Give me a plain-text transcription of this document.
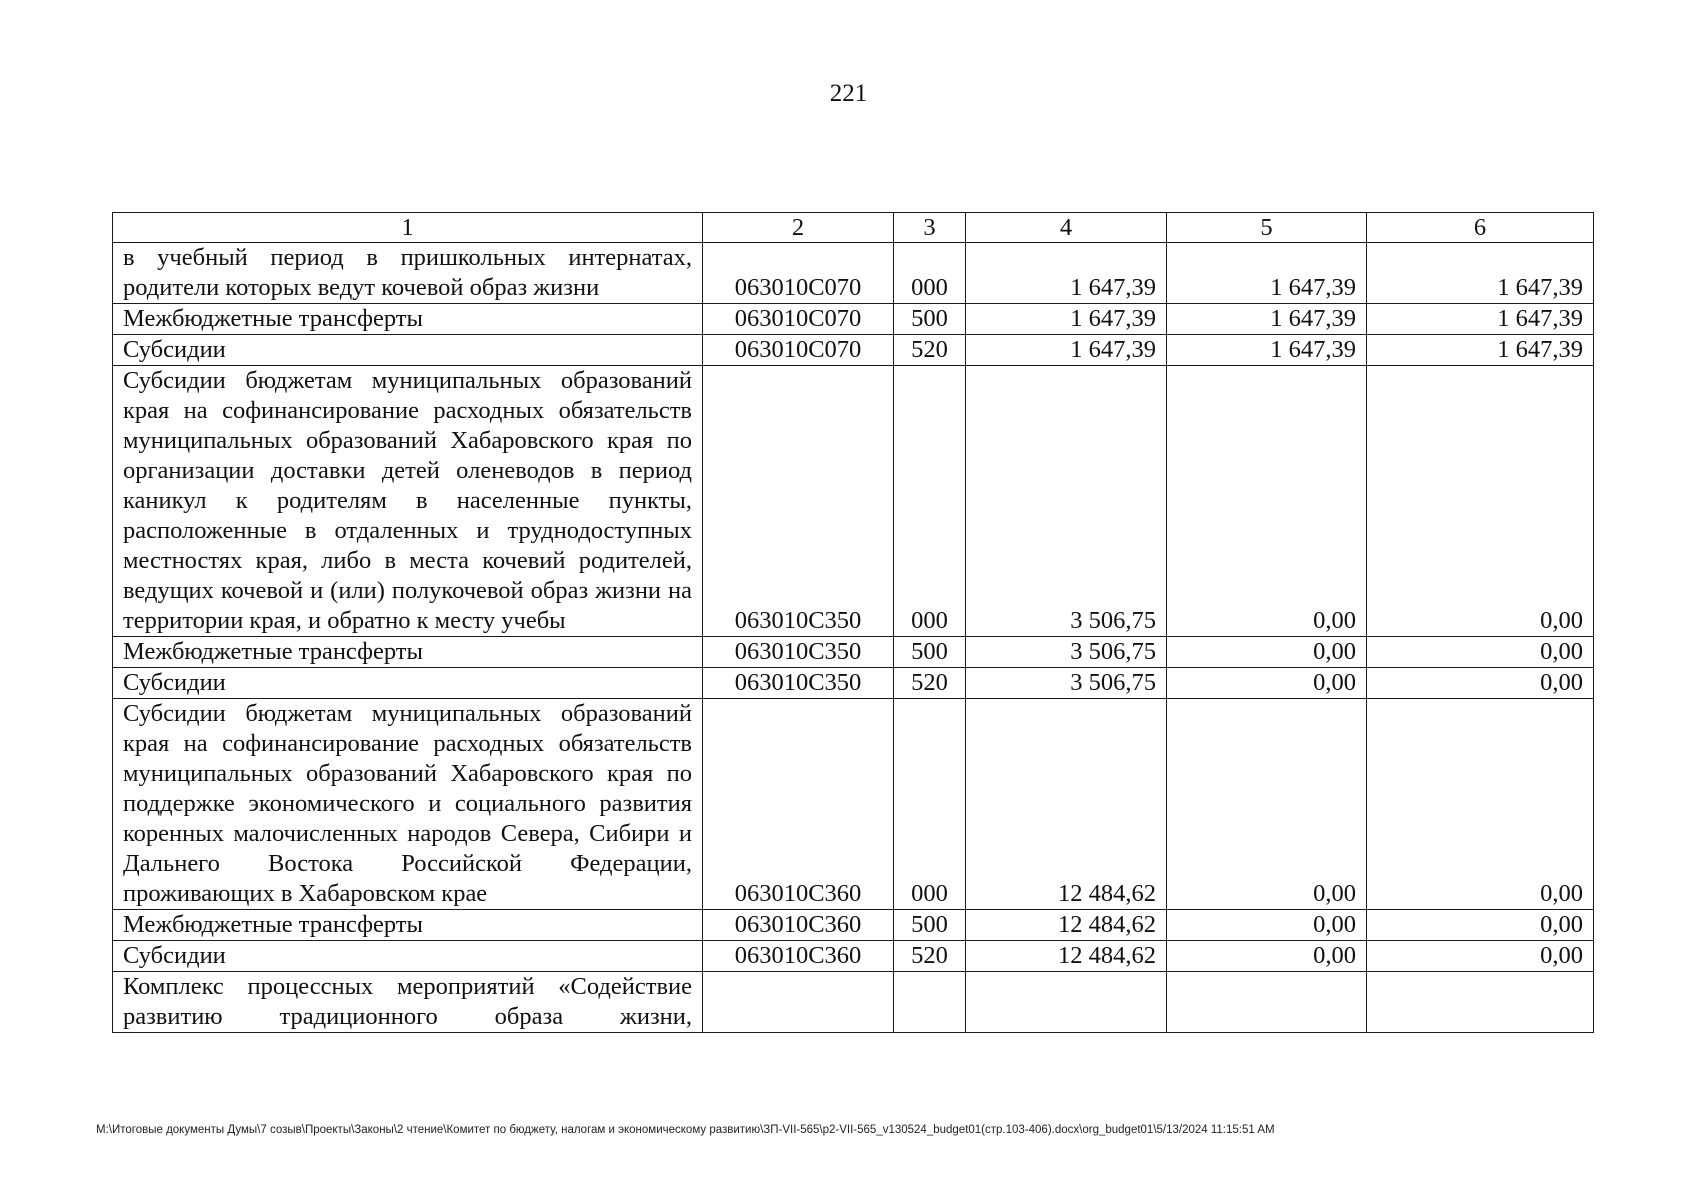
221
1	2	3	4	5	6
в учебный период в пришкольных интернатах, родители которых ведут кочевой образ жизни	063010С070	000	1 647,39	1 647,39	1 647,39
Межбюджетные трансферты	063010С070	500	1 647,39	1 647,39	1 647,39
Субсидии	063010С070	520	1 647,39	1 647,39	1 647,39
Субсидии бюджетам муниципальных образований края на софинансирование расходных обязательств муниципальных образований Хабаровского края по организации доставки детей оленеводов в период каникул к родителям в населенные пункты, расположенные в отдаленных и труднодоступных местностях края, либо в места кочевий родителей, ведущих кочевой и (или) полукочевой образ жизни на территории края, и обратно к месту учебы	063010С350	000	3 506,75	0,00	0,00
Межбюджетные трансферты	063010С350	500	3 506,75	0,00	0,00
Субсидии	063010С350	520	3 506,75	0,00	0,00
Субсидии бюджетам муниципальных образований края на софинансирование расходных обязательств муниципальных образований Хабаровского края по поддержке экономического и социального развития коренных малочисленных народов Севера, Сибири и Дальнего Востока Российской Федерации, проживающих в Хабаровском крае	063010С360	000	12 484,62	0,00	0,00
Межбюджетные трансферты	063010С360	500	12 484,62	0,00	0,00
Субсидии	063010С360	520	12 484,62	0,00	0,00
Комплекс процессных мероприятий «Содействие развитию традиционного образа жизни,					
M:\Итоговые документы Думы\7 созыв\Проекты\Законы\2 чтение\Комитет по бюджету, налогам и экономическому развитию\ЗП-VII-565\р2-VII-565_v130524_budget01(стр.103-406).docx\org_budget01\5/13/2024 11:15:51 AM
